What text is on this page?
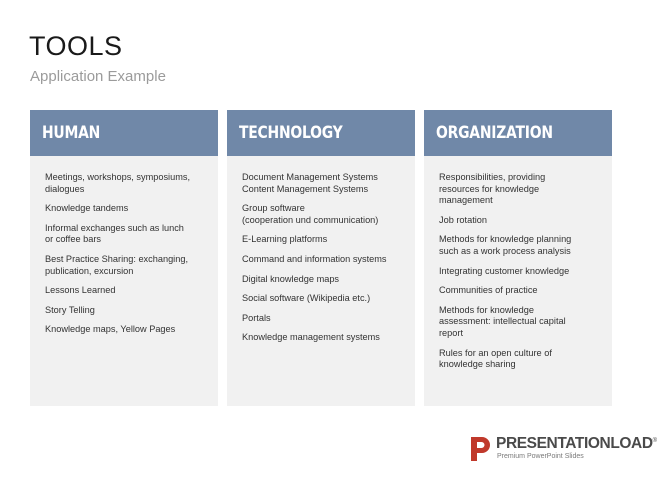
TOOLS
Application Example
HUMAN
Meetings, workshops, symposiums,
dialogues
Knowledge tandems
Informal exchanges such as lunch
or coffee bars
Best Practice Sharing: exchanging,
publication, excursion
Lessons Learned
Story Telling
Knowledge maps, Yellow Pages
TECHNOLOGY
Document Management Systems
Content Management Systems
Group software
(cooperation und communication)
E-Learning platforms
Command and information systems
Digital knowledge maps
Social software (Wikipedia etc.)
Portals
Knowledge management systems
ORGANIZATION
Responsibilities, providing
resources for knowledge
management
Job rotation
Methods for knowledge planning
such as a work process analysis
Integrating customer knowledge
Communities of practice
Methods for knowledge
assessment: intellectual capital
report
Rules for an open culture of
knowledge sharing
PRESENTATIONLOAD®
Premium PowerPoint Slides
